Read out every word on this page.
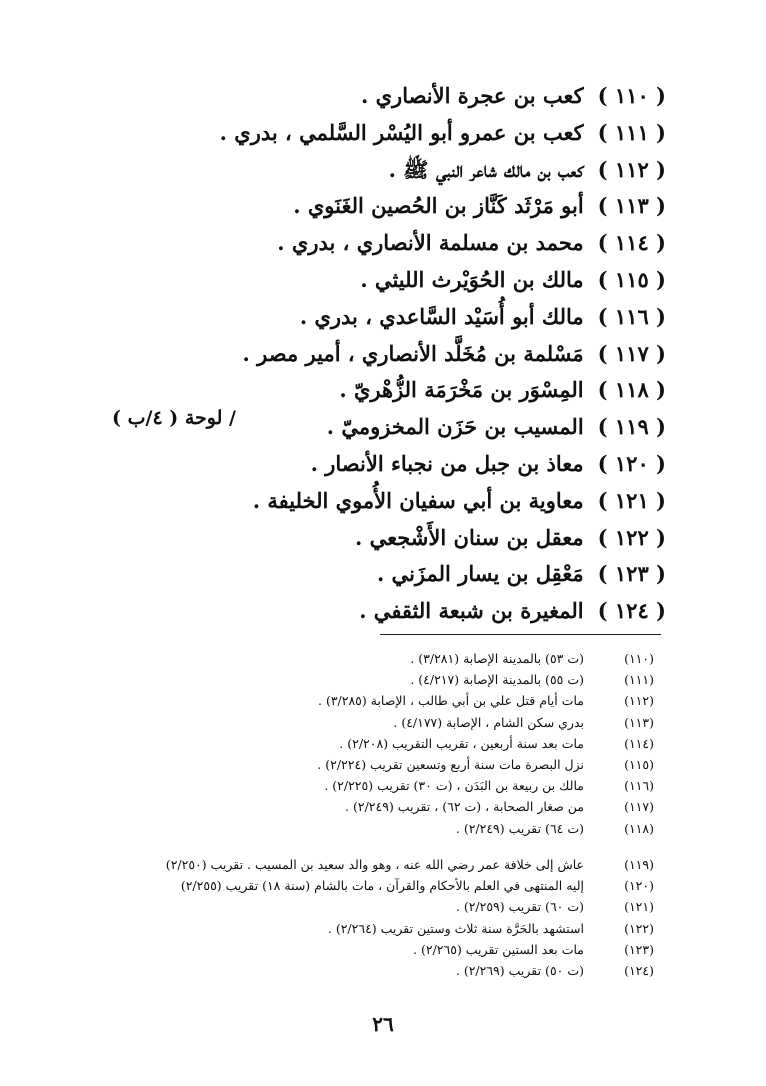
( ١١٠ )كعب بن عجرة الأنصاري .
( ١١١ )كعب بن عمرو أبو اليُسْر السَّلمي ، بدري .
( ١١٢ )كعب بن مالك شاعر النبي ﷺ .
( ١١٣ )أبو مَرْثَد كَنَّاز بن الحُصين الغَنَوي .
( ١١٤ )محمد بن مسلمة الأنصاري ، بدري .
( ١١٥ )مالك بن الحُوَيْرث الليثي .
( ١١٦ )مالك أبو أُسَيْد السَّاعدي ، بدري .
( ١١٧ )مَسْلمة بن مُخَلَّد الأنصاري ، أمير مصر .
( ١١٨ )المِسْوَر بن مَخْرَمَة الزُّهْريّ .
( ١١٩ )المسيب بن حَزَن المخزوميّ .
( ١٢٠ )معاذ بن جبل من نجباء الأنصار .
( ١٢١ )معاوية بن أبي سفيان الأُموي الخليفة .
( ١٢٢ )معقل بن سنان الأَشْجعي .
( ١٢٣ )مَعْقِل بن يسار المزَني .
( ١٢٤ )المغيرة بن شبعة الثقفي .
/ لوحة ( ٤/ب )
(١١٠)(ت ٥٣) بالمدينة الإصابة (٣/٢٨١) .
(١١١)(ت ٥٥) بالمدينة الإصابة (٤/٢١٧) .
(١١٢)مات أيام قتل علي بن أبي طالب ، الإصابة (٣/٢٨٥) .
(١١٣)بدري سكن الشام ، الإصابة (٤/١٧٧) .
(١١٤)مات بعد سنة أربعين ، تقريب التقريب (٢/٢٠٨) .
(١١٥)نزل البصرة مات سنة أربع وتسعين تقريب (٢/٢٢٤) .
(١١٦)مالك بن ربيعة بن البَدَن ، (ت ٣٠) تقريب (٢/٢٢٥) .
(١١٧)من صغار الصحابة ، (ت ٦٢) ، تقريب (٢/٢٤٩) .
(١١٨)(ت ٦٤) تقريب (٢/٢٤٩) .
(١١٩)عاش إلى خلافة عمر رضي الله عنه ، وهو والد سعيد بن المسيب . تقريب (٢/٢٥٠)
(١٢٠)إليه المنتهى في العلم بالأحكام والقرآن ، مات بالشام (سنة ١٨) تقريب (٢/٢٥٥)
(١٢١)(ت ٦٠) تقريب (٢/٢٥٩) .
(١٢٢)استشهد بالحَرَّة سنة ثلاث وستين تقريب (٢/٢٦٤) .
(١٢٣)مات بعد الستين تقريب (٢/٢٦٥) .
(١٢٤)(ت ٥٠) تقريب (٢/٢٦٩) .
٢٦
